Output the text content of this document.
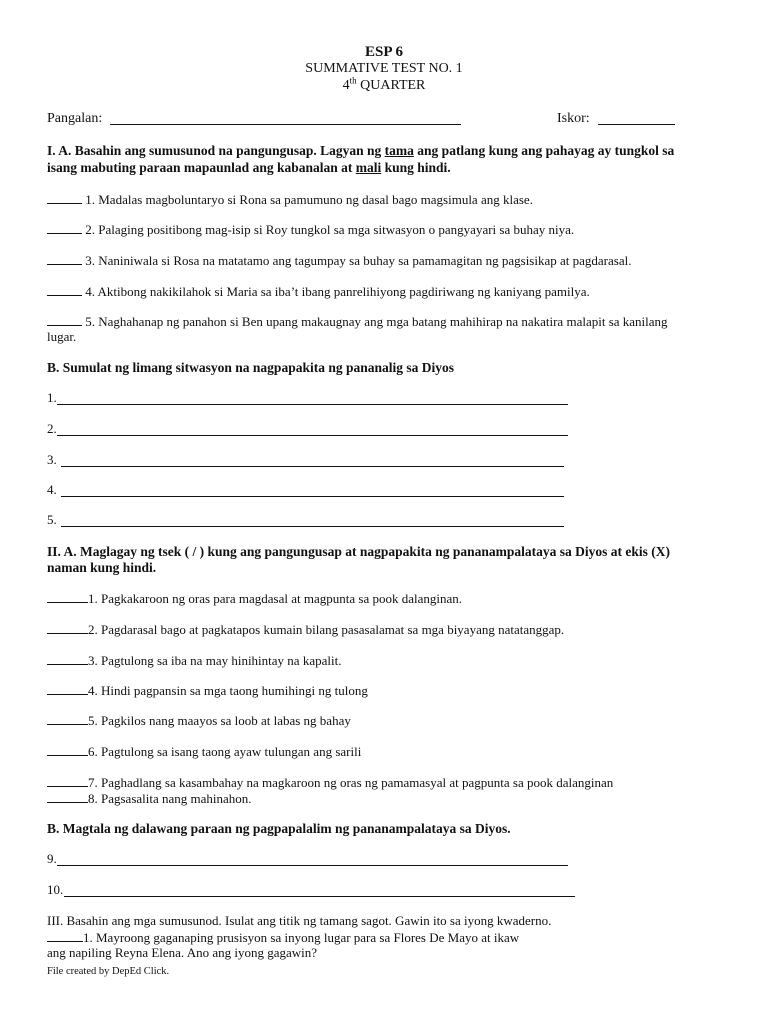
ESP 6
SUMMATIVE TEST NO. 1
4th QUARTER
Pangalan:	Iskor:
I. A. Basahin ang sumusunod na pangungusap. Lagyan ng tama ang patlang kung ang pahayag ay tungkol sa
isang mabuting paraan mapaunlad ang kabanalan at mali kung hindi.
1. Madalas magboluntaryo si Rona sa pamumuno ng dasal bago magsimula ang klase.
2. Palaging positibong mag-isip si Roy tungkol sa mga sitwasyon o pangyayari sa buhay niya.
3. Naniniwala si Rosa na matatamo ang tagumpay sa buhay sa pamamagitan ng pagsisikap at pagdarasal.
4. Aktibong nakikilahok si Maria sa iba’t ibang panrelihiyong pagdiriwang ng kaniyang pamilya.
5. Naghahanap ng panahon si Ben upang makaugnay ang mga batang mahihirap na nakatira malapit sa kanilang
lugar.
B. Sumulat ng limang sitwasyon na nagpapakita ng pananalig sa Diyos
1.
2.
3.
4.
5.
II. A. Maglagay ng tsek ( / ) kung ang pangungusap at nagpapakita ng pananampalataya sa Diyos at ekis (X)
naman kung hindi.
1. Pagkakaroon ng oras para magdasal at magpunta sa pook dalanginan.
2. Pagdarasal bago at pagkatapos kumain bilang pasasalamat sa mga biyayang natatanggap.
3. Pagtulong sa iba na may hinihintay na kapalit.
4. Hindi pagpansin sa mga taong humihingi ng tulong
5. Pagkilos nang maayos sa loob at labas ng bahay
6. Pagtulong sa isang taong ayaw tulungan ang sarili
7. Paghadlang sa kasambahay na magkaroon ng oras ng pamamasyal at pagpunta sa pook dalanginan
8. Pagsasalita nang mahinahon.
B. Magtala ng dalawang paraan ng pagpapalalim ng pananampalataya sa Diyos.
9.
10.
III. Basahin ang mga sumusunod. Isulat ang titik ng tamang sagot. Gawin ito sa iyong kwaderno.
1. Mayroong gaganaping prusisyon sa inyong lugar para sa Flores De Mayo at ikaw
ang napiling Reyna Elena. Ano ang iyong gagawin?
File created by DepEd Click.
